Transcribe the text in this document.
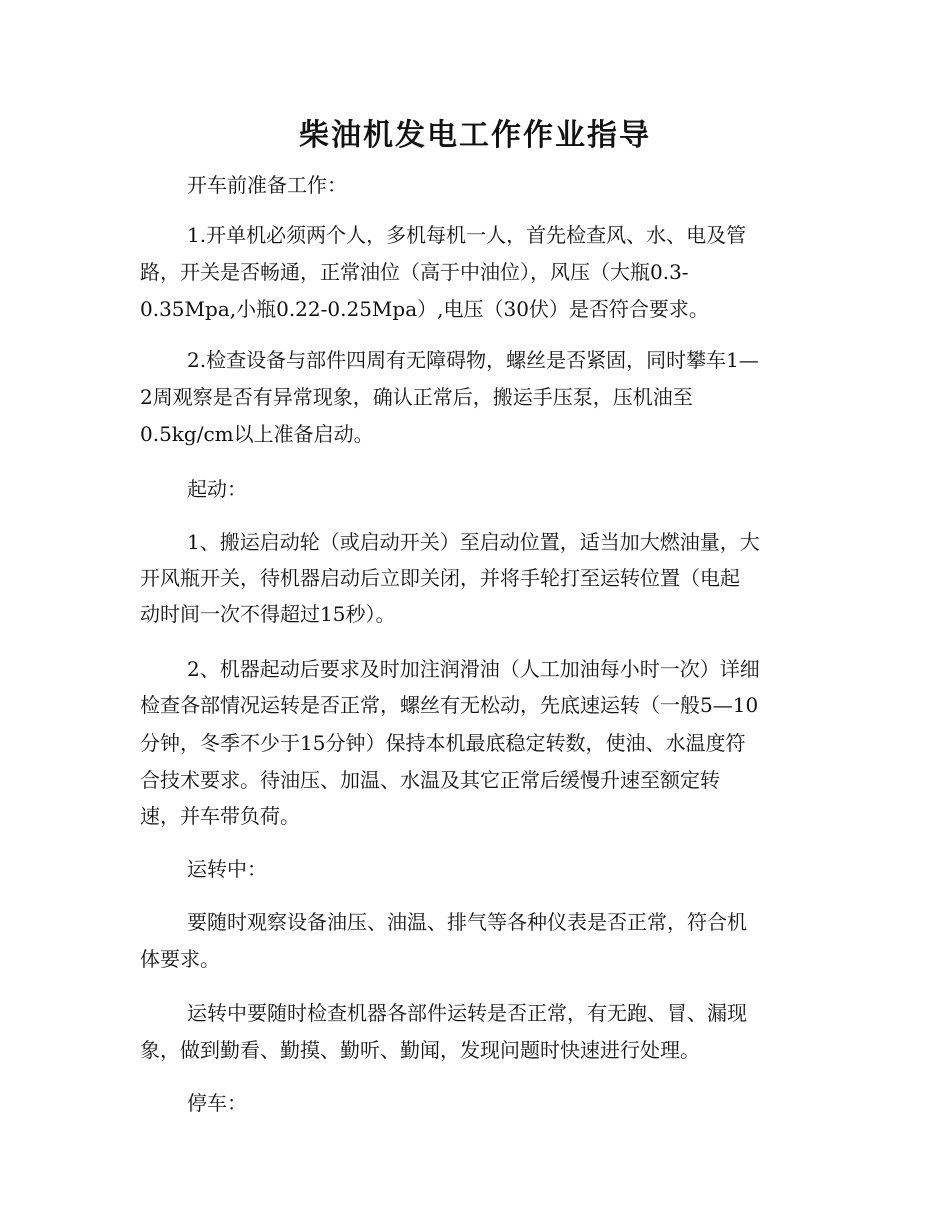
柴油机发电工作作业指导
开车前准备工作：
1.开单机必须两个人，多机每机一人，首先检查风、水、电及管
路，开关是否畅通，正常油位（高于中油位），风压（大瓶0.3-
0.35Mpa,小瓶0.22-0.25Mpa）,电压（30伏）是否符合要求。
2.检查设备与部件四周有无障碍物，螺丝是否紧固，同时攀车1—
2周观察是否有异常现象，确认正常后，搬运手压泵，压机油至
0.5kg/cm以上准备启动。
起动：
1、搬运启动轮（或启动开关）至启动位置，适当加大燃油量，大
开风瓶开关，待机器启动后立即关闭，并将手轮打至运转位置（电起
动时间一次不得超过15秒）。
2、机器起动后要求及时加注润滑油（人工加油每小时一次）详细
检查各部情况运转是否正常，螺丝有无松动，先底速运转（一般5—10
分钟，冬季不少于15分钟）保持本机最底稳定转数，使油、水温度符
合技术要求。待油压、加温、水温及其它正常后缓慢升速至额定转
速，并车带负荷。
运转中：
要随时观察设备油压、油温、排气等各种仪表是否正常，符合机
体要求。
运转中要随时检查机器各部件运转是否正常，有无跑、冒、漏现
象，做到勤看、勤摸、勤听、勤闻，发现问题时快速进行处理。
停车：
